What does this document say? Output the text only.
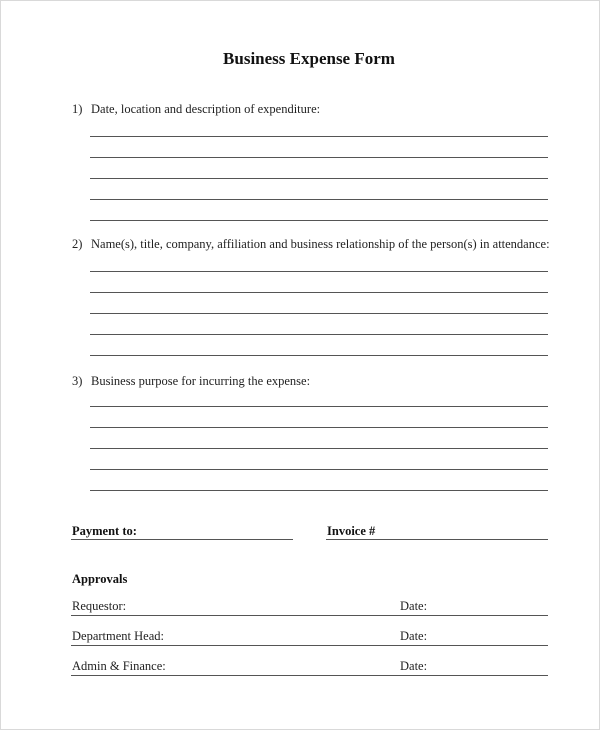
Business Expense Form
1) Date, location and description of expenditure:
2) Name(s), title, company, affiliation and business relationship of the person(s) in attendance:
3) Business purpose for incurring the expense:
Payment to:	Invoice #
Approvals
Requestor:	Date:
Department Head:	Date:
Admin & Finance:	Date:
